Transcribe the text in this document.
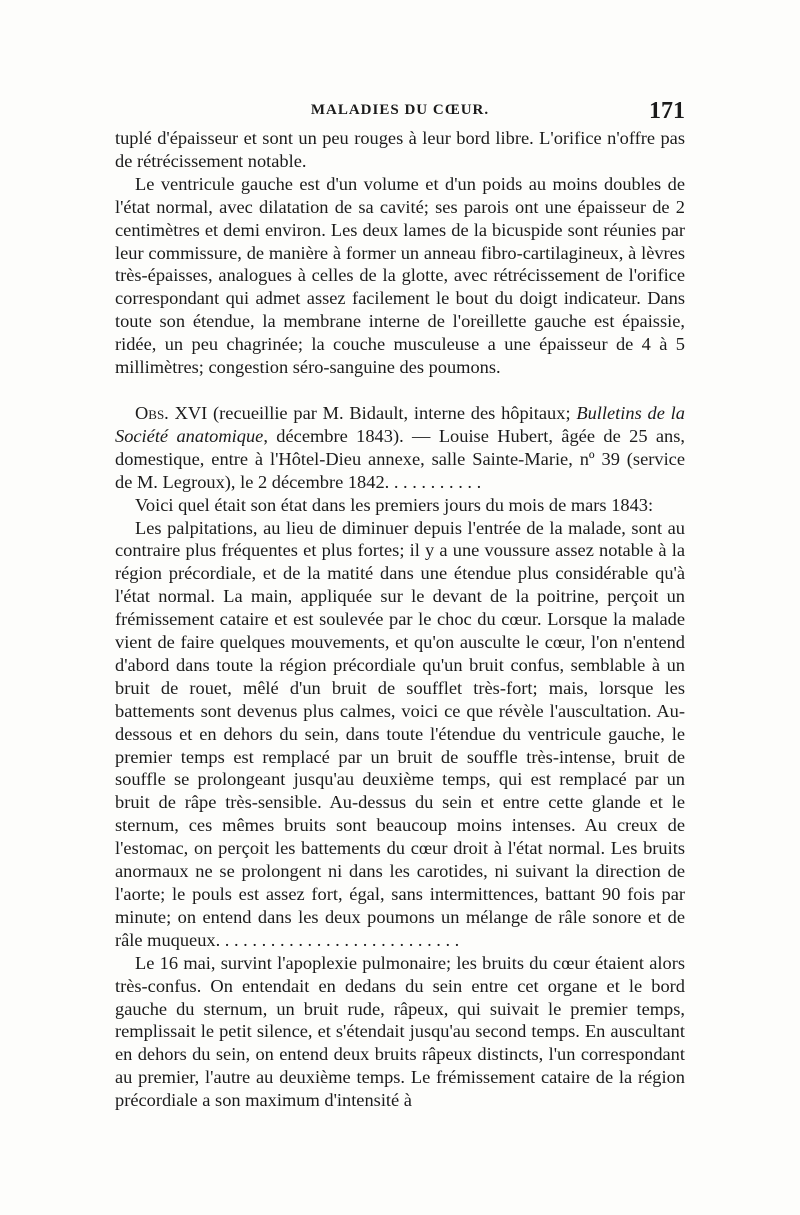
MALADIES DU CŒUR.	171

tuplé d'épaisseur et sont un peu rouges à leur bord libre. L'orifice n'offre pas de rétrécissement notable.

Le ventricule gauche est d'un volume et d'un poids au moins doubles de l'état normal, avec dilatation de sa cavité; ses parois ont une épaisseur de 2 centimètres et demi environ. Les deux lames de la bicuspide sont réunies par leur commissure, de manière à former un anneau fibro-cartilagineux, à lèvres très-épaisses, analogues à celles de la glotte, avec rétrécissement de l'orifice correspondant qui admet assez facilement le bout du doigt indicateur. Dans toute son étendue, la membrane interne de l'oreillette gauche est épaissie, ridée, un peu chagrinée; la couche musculeuse a une épaisseur de 4 à 5 millimètres; congestion séro-sanguine des poumons.

Obs. XVI (recueillie par M. Bidault, interne des hôpitaux; Bulletins de la Société anatomique, décembre 1843). — Louise Hubert, âgée de 25 ans, domestique, entre à l'Hôtel-Dieu annexe, salle Sainte-Marie, nº 39 (service de M. Legroux), le 2 décembre 1842. . . . . . . . . . .

Voici quel était son état dans les premiers jours du mois de mars 1843:

Les palpitations, au lieu de diminuer depuis l'entrée de la malade, sont au contraire plus fréquentes et plus fortes; il y a une voussure assez notable à la région précordiale, et de la matité dans une étendue plus considérable qu'à l'état normal. La main, appliquée sur le devant de la poitrine, perçoit un frémissement cataire et est soulevée par le choc du cœur. Lorsque la malade vient de faire quelques mouvements, et qu'on ausculte le cœur, l'on n'entend d'abord dans toute la région précordiale qu'un bruit confus, semblable à un bruit de rouet, mêlé d'un bruit de soufflet très-fort; mais, lorsque les battements sont devenus plus calmes, voici ce que révèle l'auscultation. Au-dessous et en dehors du sein, dans toute l'étendue du ventricule gauche, le premier temps est remplacé par un bruit de souffle très-intense, bruit de souffle se prolongeant jusqu'au deuxième temps, qui est remplacé par un bruit de râpe très-sensible. Au-dessus du sein et entre cette glande et le sternum, ces mêmes bruits sont beaucoup moins intenses. Au creux de l'estomac, on perçoit les battements du cœur droit à l'état normal. Les bruits anormaux ne se prolongent ni dans les carotides, ni suivant la direction de l'aorte; le pouls est assez fort, égal, sans intermittences, battant 90 fois par minute; on entend dans les deux poumons un mélange de râle sonore et de râle muqueux. . . . . . . . . . . . . . . . . . . . . . . . . . .

Le 16 mai, survint l'apoplexie pulmonaire; les bruits du cœur étaient alors très-confus. On entendait en dedans du sein entre cet organe et le bord gauche du sternum, un bruit rude, râpeux, qui suivait le premier temps, remplissait le petit silence, et s'étendait jusqu'au second temps. En auscultant en dehors du sein, on entend deux bruits râpeux distincts, l'un correspondant au premier, l'autre au deuxième temps. Le frémissement cataire de la région précordiale a son maximum d'intensité à
